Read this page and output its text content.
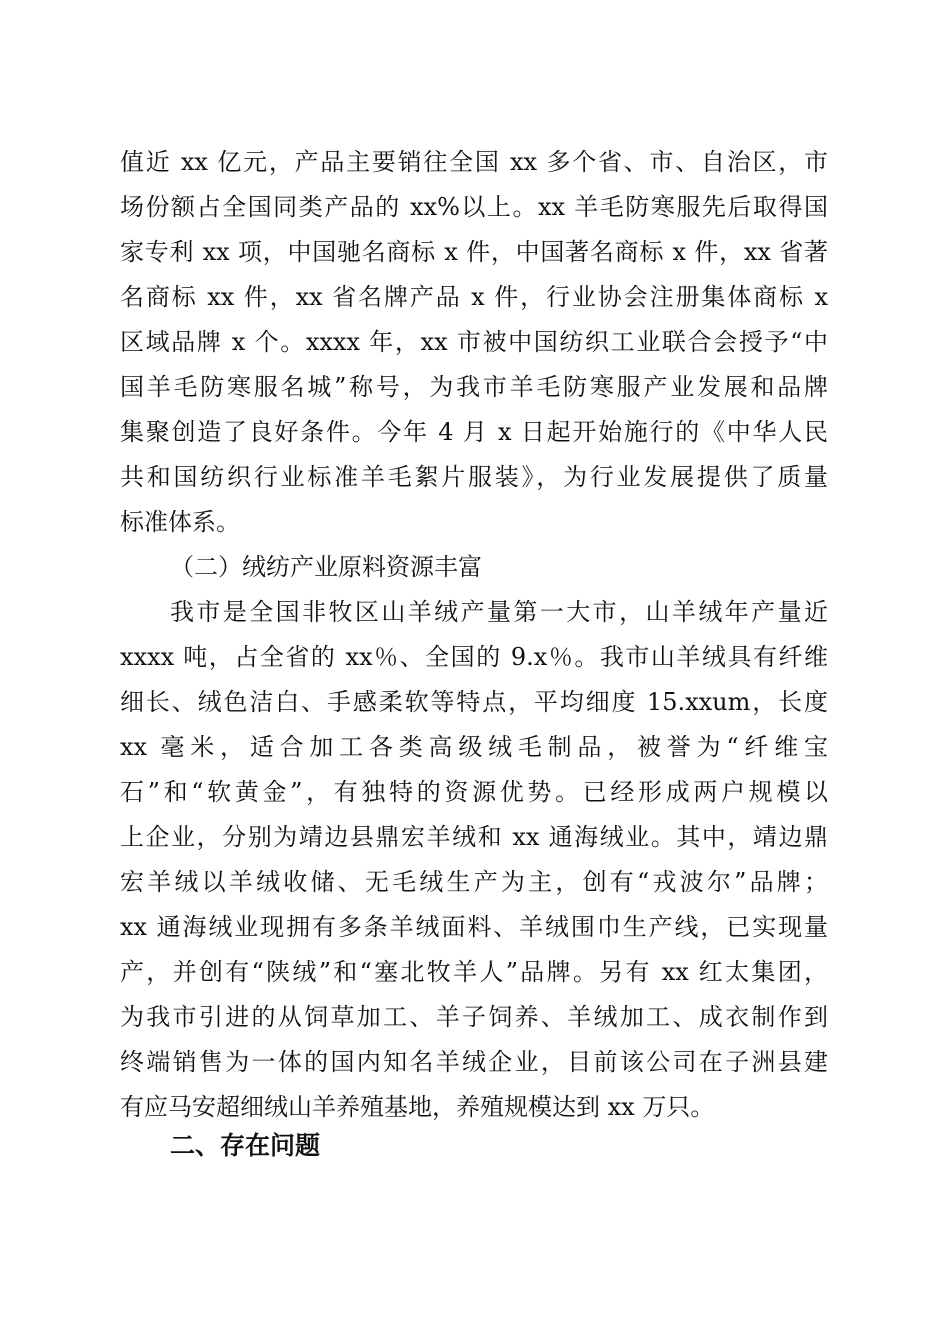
值近 xx 亿元，产品主要销往全国 xx 多个省、市、自治区，市
场份额占全国同类产品的 xx%以上。xx 羊毛防寒服先后取得国
家专利 xx 项，中国驰名商标 x 件，中国著名商标 x 件，xx 省著
名商标 xx 件，xx 省名牌产品 x 件，行业协会注册集体商标 x
区域品牌 x 个。xxxx 年，xx 市被中国纺织工业联合会授予“中
国羊毛防寒服名城”称号，为我市羊毛防寒服产业发展和品牌
集聚创造了良好条件。今年 4 月 x 日起开始施行的《中华人民
共和国纺织行业标准羊毛絮片服装》，为行业发展提供了质量
标准体系。
（二）绒纺产业原料资源丰富
我市是全国非牧区山羊绒产量第一大市，山羊绒年产量近
xxxx 吨，占全省的 xx％、全国的 9.x％。我市山羊绒具有纤维
细长、绒色洁白、手感柔软等特点，平均细度 15.xxum，长度
xx 毫米，适合加工各类高级绒毛制品，被誉为“纤维宝
石”和“软黄金”，有独特的资源优势。已经形成两户规模以
上企业，分别为靖边县鼎宏羊绒和 xx 通海绒业。其中，靖边鼎
宏羊绒以羊绒收储、无毛绒生产为主，创有“戎波尔”品牌；
xx 通海绒业现拥有多条羊绒面料、羊绒围巾生产线，已实现量
产，并创有“陕绒”和“塞北牧羊人”品牌。另有 xx 红太集团，
为我市引进的从饲草加工、羊子饲养、羊绒加工、成衣制作到
终端销售为一体的国内知名羊绒企业，目前该公司在子洲县建
有应马安超细绒山羊养殖基地，养殖规模达到 xx 万只。
二、存在问题
